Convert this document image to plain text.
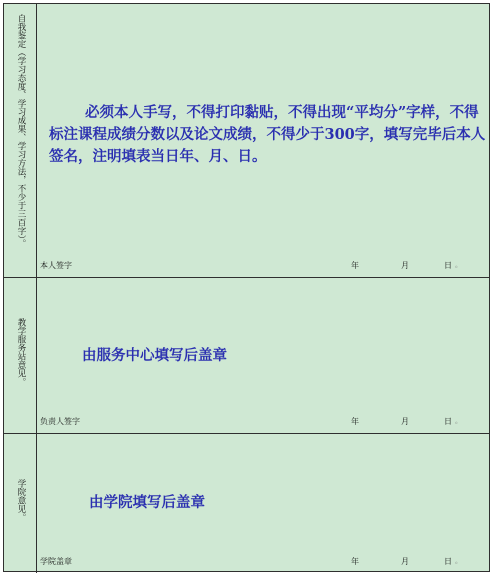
自我鉴定（学习态度、学习成果、学习方法，不少于三百字）。	必须本人手写，不得打印黏贴，不得出现“平均分”字样，不得标注课程成绩分数以及论文成绩，不得少于300字，填写完毕后本人签名，注明填表当日年、月、日。
本人签字	年	月	日 。
教学服务站意见。	由服务中心填写后盖章
负责人签字	年	月	日 。
学院意见。	由学院填写后盖章
学院盖章	年	月	日 。
